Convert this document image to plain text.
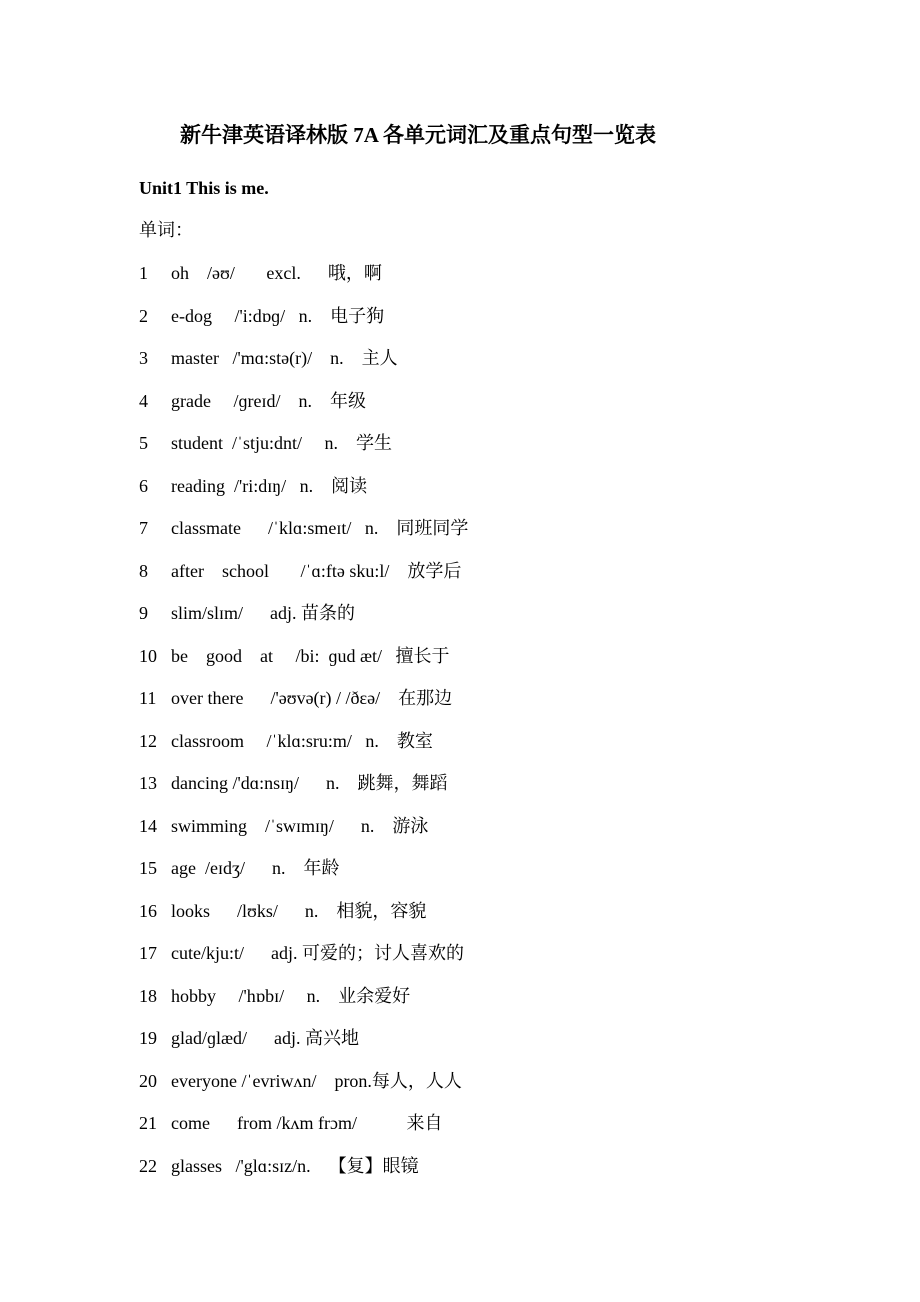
新牛津英语译林版 7A 各单元词汇及重点句型一览表
Unit1 This is me.
单词：
1 oh    /əʊ/       excl.      哦，啊
2 e-dog     /'i:dɒɡ/   n.    电子狗
3 master   /'mɑ:stə(r)/    n.    主人
4 grade     /ɡreɪd/    n.    年级
5 student  /ˈstju:dnt/     n.    学生
6 reading  /'ri:dɪŋ/   n.    阅读
7 classmate      /ˈklɑ:smeɪt/   n.    同班同学
8 after    school       /ˈɑ:ftə sku:l/    放学后
9 slim/slɪm/      adj. 苗条的
10 be    good    at     /bi:  ɡud æt/   擅长于
11 over there      /'əʊvə(r) / /ðɛə/    在那边
12 classroom     /ˈklɑ:sru:m/   n.    教室
13 dancing /'dɑ:nsɪŋ/      n.    跳舞，舞蹈
14 swimming    /ˈswɪmɪŋ/      n.    游泳
15 age  /eɪdʒ/      n.    年龄
16 looks      /lʊks/      n.    相貌，容貌
17 cute/kju:t/      adj. 可爱的；讨人喜欢的
18 hobby     /'hɒbɪ/     n.    业余爱好
19 glad/ɡlæd/      adj. 高兴地
20 everyone /ˈevriwʌn/    pron.每人，人人
21 come      from /kʌm frɔm/           来自
22 glasses   /'glɑ:sɪz/n.    【复】眼镜
